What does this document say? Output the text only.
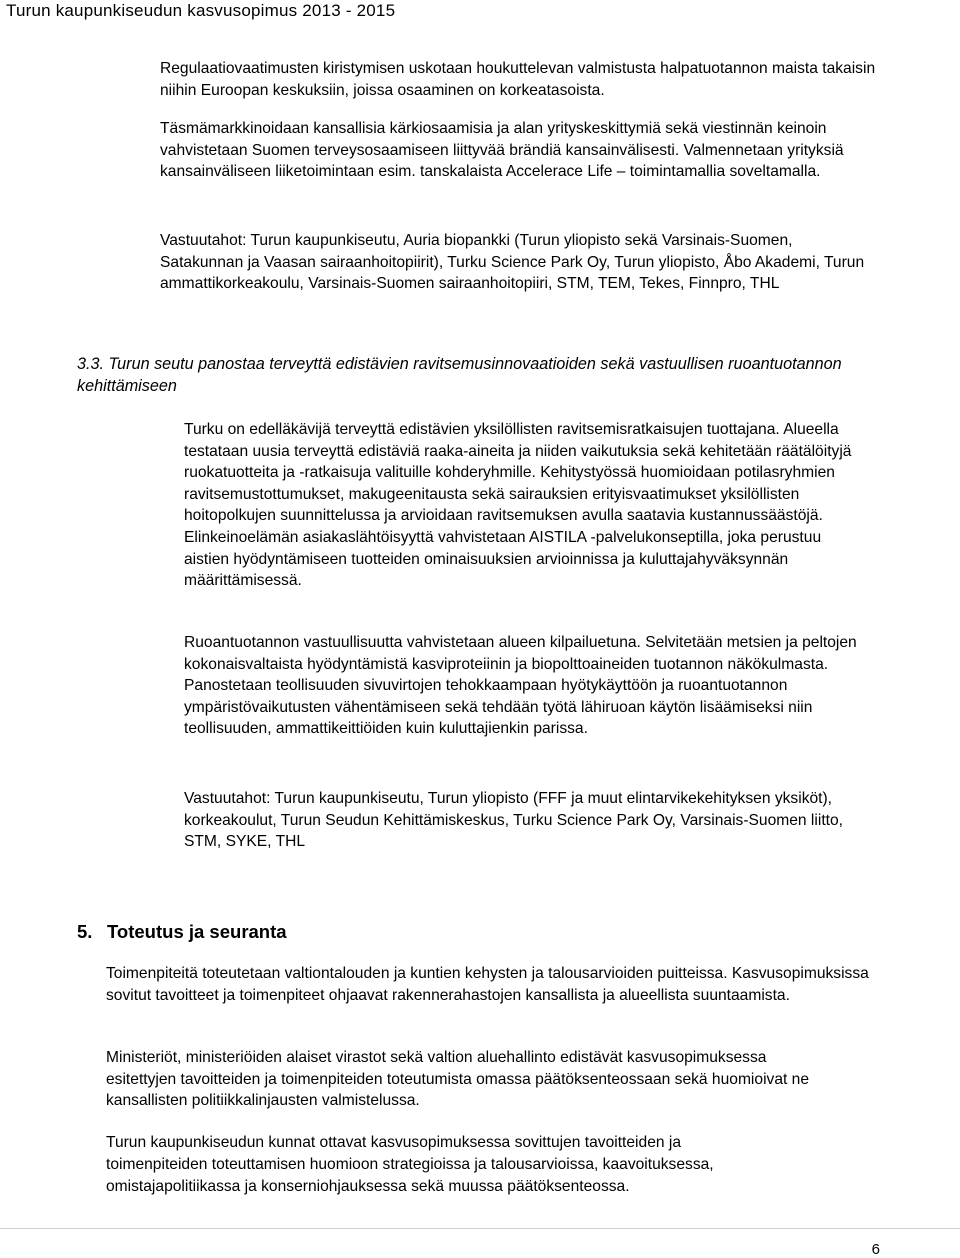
Turun kaupunkiseudun kasvusopimus 2013 - 2015

Regulaatiovaatimusten kiristymisen uskotaan houkuttelevan valmistusta halpatuotannon maista takaisin niihin Euroopan keskuksiin, joissa osaaminen on korkeatasoista.

Täsmämarkkinoidaan kansallisia kärkiosaamisia ja alan yrityskeskittymiä sekä viestinnän keinoin vahvistetaan Suomen terveysosaamiseen liittyvää brändiä kansainvälisesti. Valmennetaan yrityksiä kansainväliseen liiketoimintaan esim. tanskalaista Accelerace Life – toimintamallia soveltamalla.

Vastuutahot: Turun kaupunkiseutu, Auria biopankki (Turun yliopisto sekä Varsinais-Suomen, Satakunnan ja Vaasan sairaanhoitopiirit), Turku Science Park Oy, Turun yliopisto, Åbo Akademi, Turun ammattikorkeakoulu, Varsinais-Suomen sairaanhoitopiiri, STM, TEM, Tekes, Finnpro, THL

3.3. Turun seutu panostaa terveyttä edistävien ravitsemusinnovaatioiden sekä vastuullisen ruoantuotannon kehittämiseen

Turku on edelläkävijä terveyttä edistävien yksilöllisten ravitsemisratkaisujen tuottajana. Alueella testataan uusia terveyttä edistäviä raaka-aineita ja niiden vaikutuksia sekä kehitetään räätälöityjä ruokatuotteita ja -ratkaisuja valituille kohderyhmille. Kehitystyössä huomioidaan potilasryhmien ravitsemustottumukset, makugeenitausta sekä sairauksien erityisvaatimukset yksilöllisten hoitopolkujen suunnittelussa ja arvioidaan ravitsemuksen avulla saatavia kustannussäästöjä. Elinkeinoelämän asiakaslähtöisyyttä vahvistetaan AISTILA -palvelukonseptilla, joka perustuu aistien hyödyntämiseen tuotteiden ominaisuuksien arvioinnissa ja kuluttajahyväksynnän määrittämisessä.

Ruoantuotannon vastuullisuutta vahvistetaan alueen kilpailuetuna. Selvitetään metsien ja peltojen kokonaisvaltaista hyödyntämistä kasviproteiinin ja biopolttoaineiden tuotannon näkökulmasta. Panostetaan teollisuuden sivuvirtojen tehokkaampaan hyötykäyttöön ja ruoantuotannon ympäristövaikutusten vähentämiseen sekä tehdään työtä lähiruoan käytön lisäämiseksi niin teollisuuden, ammattikeittiöiden kuin kuluttajienkin parissa.

Vastuutahot: Turun kaupunkiseutu, Turun yliopisto (FFF ja muut elintarvikekehityksen yksiköt), korkeakoulut, Turun Seudun Kehittämiskeskus, Turku Science Park Oy, Varsinais-Suomen liitto, STM, SYKE, THL

5. Toteutus ja seuranta

Toimenpiteitä toteutetaan valtiontalouden ja kuntien kehysten ja talousarvioiden puitteissa. Kasvusopimuksissa sovitut tavoitteet ja toimenpiteet ohjaavat rakennerahastojen kansallista ja alueellista suuntaamista.

Ministeriöt, ministeriöiden alaiset virastot sekä valtion aluehallinto edistävät kasvusopimuksessa esitettyjen tavoitteiden ja toimenpiteiden toteutumista omassa päätöksenteossaan sekä huomioivat ne kansallisten politiikkalinjausten valmistelussa.

Turun kaupunkiseudun kunnat ottavat kasvusopimuksessa sovittujen tavoitteiden ja

toimenpiteiden toteuttamisen huomioon strategioissa ja talousarvioissa, kaavoituksessa, omistajapolitiikassa ja konserniohjauksessa sekä muussa päätöksenteossa.

6
